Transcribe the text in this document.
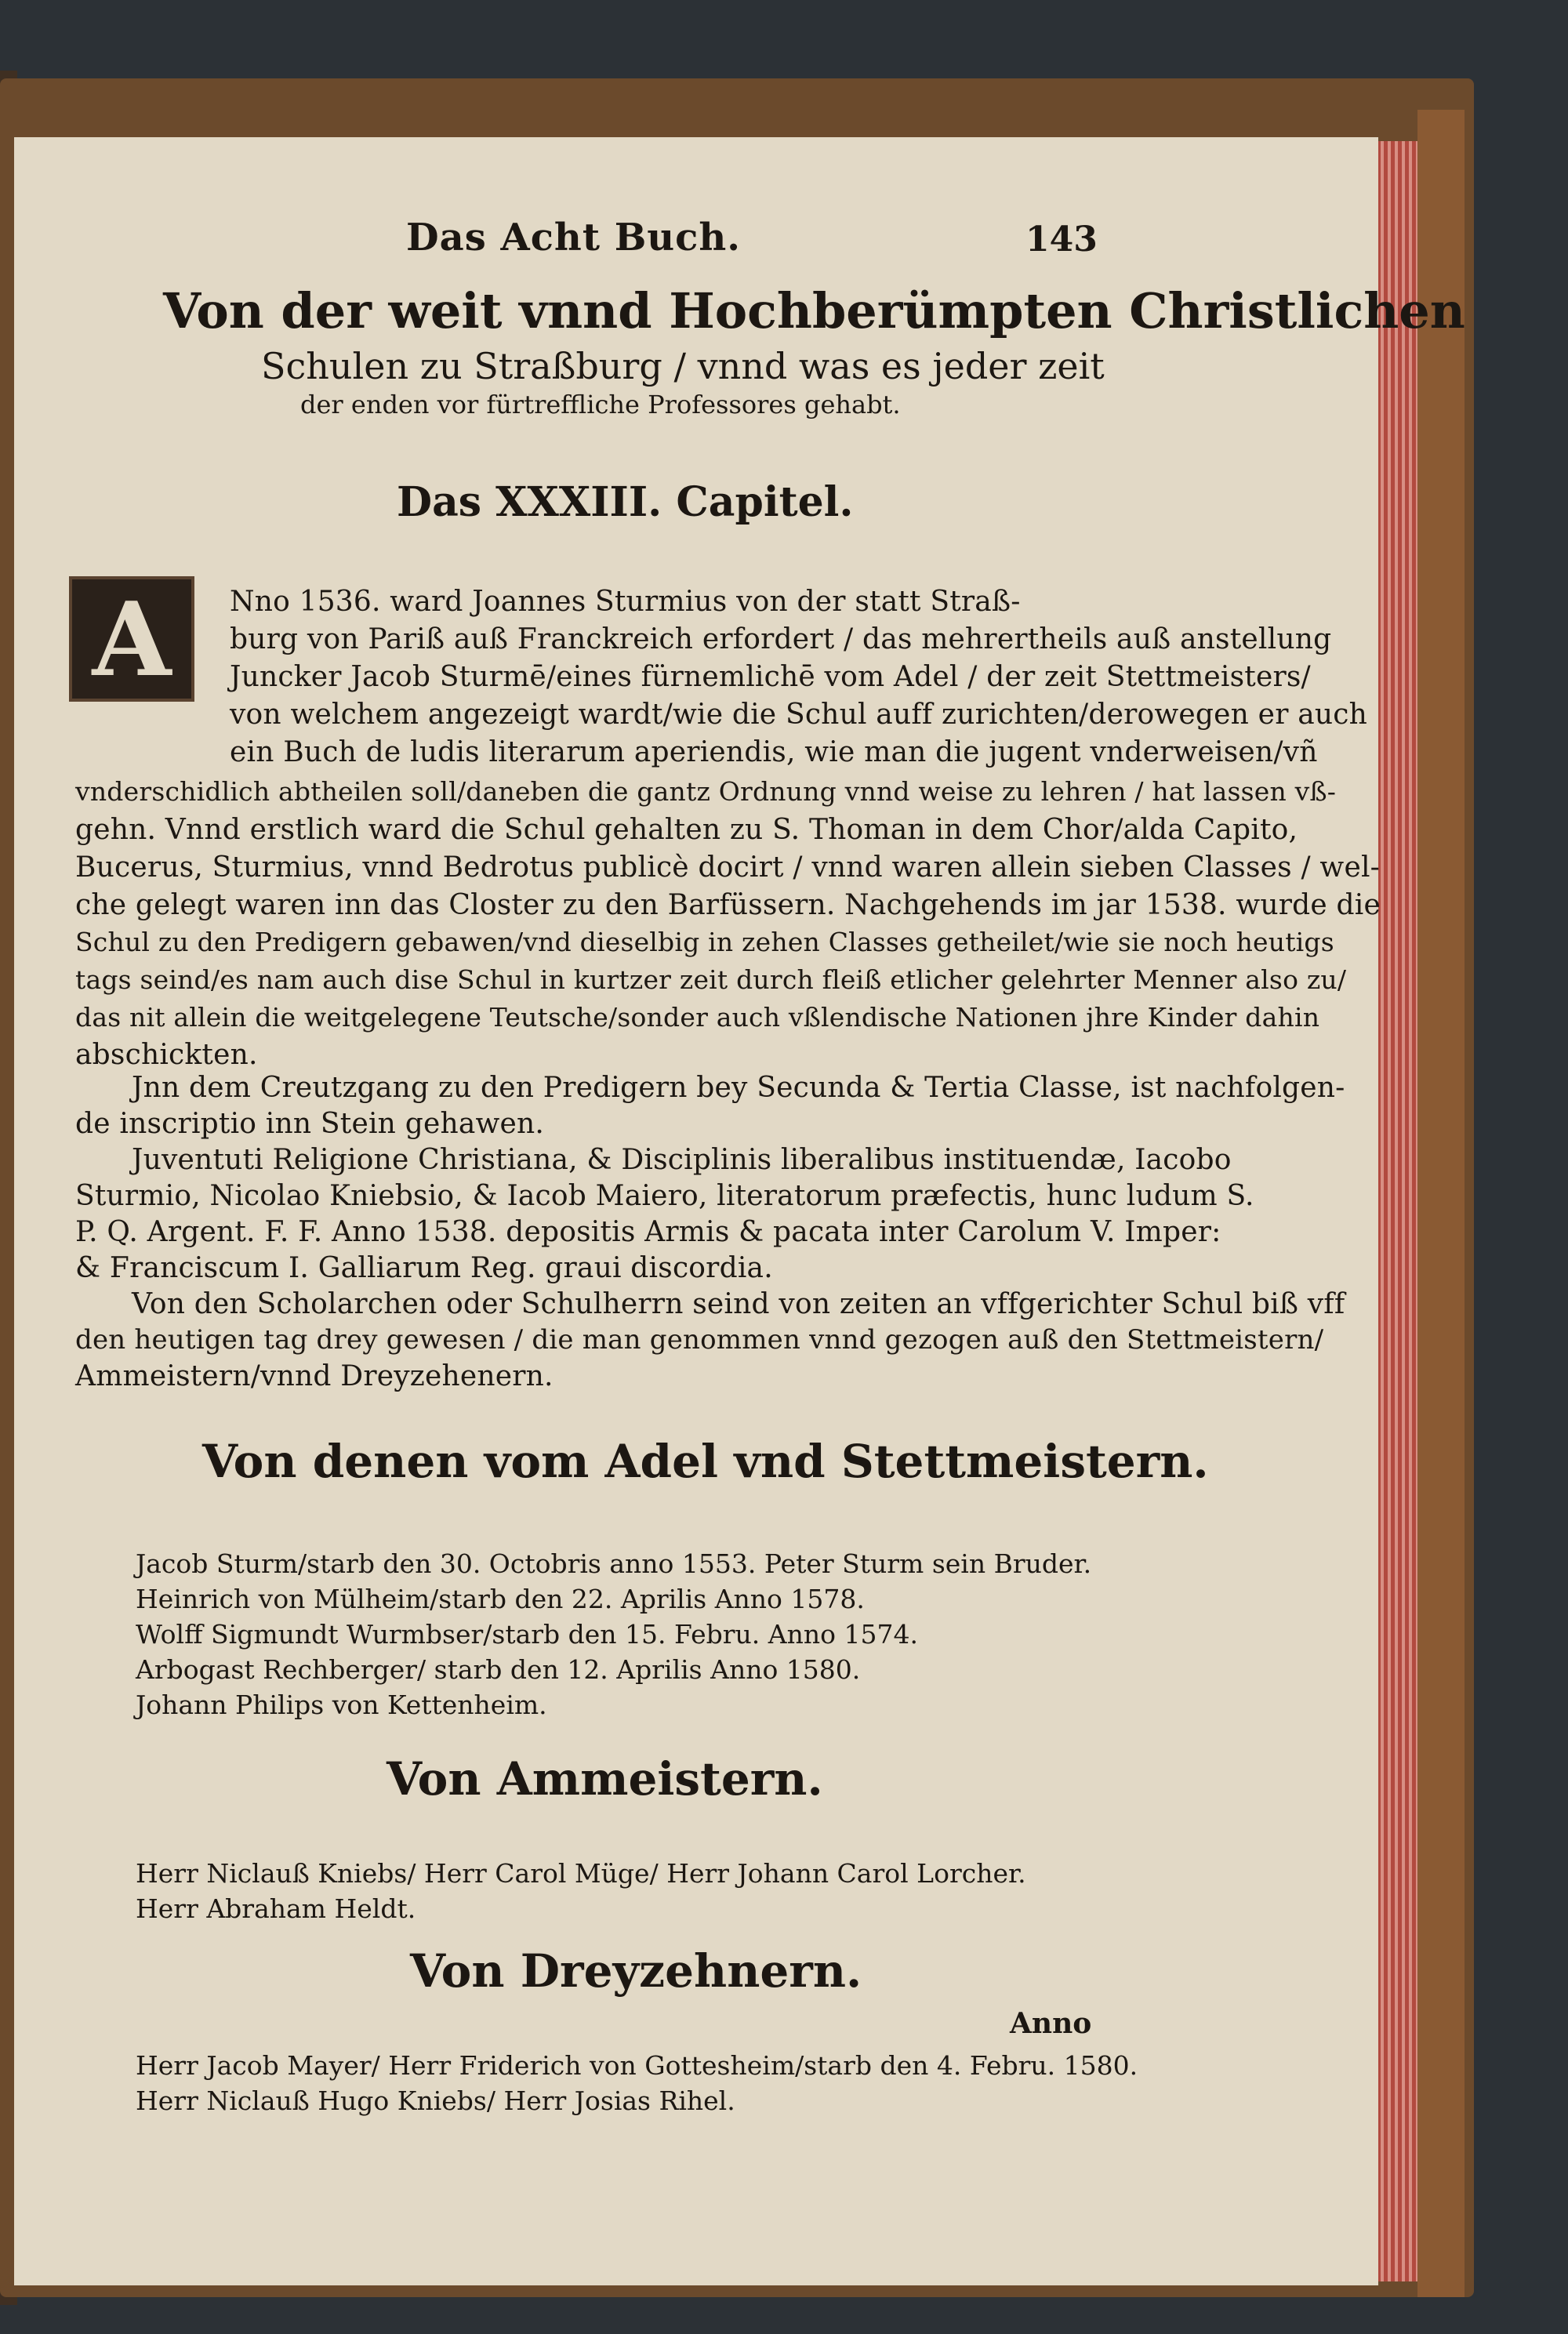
Das Acht Buch.	143
Von der weit vnnd Hochberümpten Christlichen
Schulen zu Straßburg / vnnd was es jeder zeit
der enden vor fürtreffliche Professores gehabt.
Das XXXIII. Capitel.
A	Nno 1536. ward Joannes Sturmius von der statt Straß-
burg von Pariß auß Franckreich erfordert / das mehrertheils auß anstellung
Juncker Jacob Sturmē/eines fürnemlichē vom Adel / der zeit Stettmeisters/
von welchem angezeigt wardt/wie die Schul auff zurichten/derowegen er auch
ein Buch de ludis literarum aperiendis, wie man die jugent vnderweisen/vñ
vnderschidlich abtheilen soll/daneben die gantz Ordnung vnnd weise zu lehren / hat lassen vß-
gehn. Vnnd erstlich ward die Schul gehalten zu S. Thoman in dem Chor/alda Capito,
Bucerus, Sturmius, vnnd Bedrotus publicè docirt / vnnd waren allein sieben Classes / wel-
che gelegt waren inn das Closter zu den Barfüssern. Nachgehends im jar 1538. wurde die
Schul zu den Predigern gebawen/vnd dieselbig in zehen Classes getheilet/wie sie noch heutigs
tags seind/es nam auch dise Schul in kurtzer zeit durch fleiß etlicher gelehrter Menner also zu/
das nit allein die weitgelegene Teutsche/sonder auch vßlendische Nationen jhre Kinder dahin
abschickten.
Jnn dem Creutzgang zu den Predigern bey Secunda & Tertia Classe, ist nachfolgen-
de inscriptio inn Stein gehawen.
Juventuti Religione Christiana, & Disciplinis liberalibus instituendæ, Iacobo
Sturmio, Nicolao Kniebsio, & Iacob Maiero, literatorum præfectis, hunc ludum S.
P. Q. Argent. F. F. Anno 1538. depositis Armis & pacata inter Carolum V. Imper:
& Franciscum I. Galliarum Reg. graui discordia.
Von den Scholarchen oder Schulherrn seind von zeiten an vffgerichter Schul biß vff
den heutigen tag drey gewesen / die man genommen vnnd gezogen auß den Stettmeistern/
Ammeistern/vnnd Dreyzehenern.
Von denen vom Adel vnd Stettmeistern.
Jacob Sturm/starb den 30. Octobris anno 1553. Peter Sturm sein Bruder.
Heinrich von Mülheim/starb den 22. Aprilis Anno 1578.
Wolff Sigmundt Wurmbser/starb den 15. Febru. Anno 1574.
Arbogast Rechberger/ starb den 12. Aprilis Anno 1580.
Johann Philips von Kettenheim.
Von Ammeistern.
Herr Niclauß Kniebs/ Herr Carol Müge/ Herr Johann Carol Lorcher.
Herr Abraham Heldt.
Von Dreyzehnern.
Herr Jacob Mayer/ Herr Friderich von Gottesheim/starb den 4. Febru. 1580.
Herr Niclauß Hugo Kniebs/ Herr Josias Rihel.
Anno
